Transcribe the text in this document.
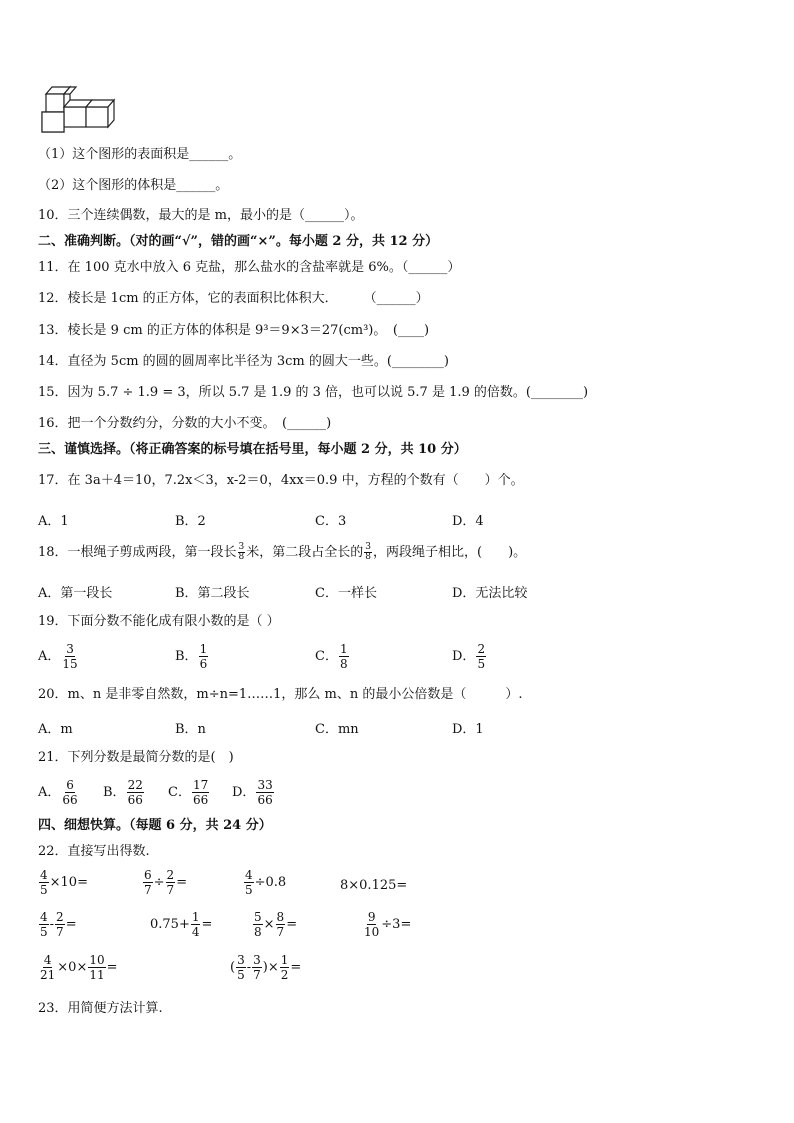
（1）这个图形的表面积是______。
（2）这个图形的体积是______。
10．三个连续偶数，最大的是 m，最小的是（______）。
二、准确判断。（对的画“√”，错的画“×”。每小题 2 分，共 12 分）
11．在 100 克水中放入 6 克盐，那么盐水的含盐率就是 6%。（______）
12．棱长是 1cm 的正方体，它的表面积比体积大．　　　（______）
13．棱长是 9 cm 的正方体的体积是 9³＝9×3＝27(cm³)。　(____)
14．直径为 5cm 的圆的圆周率比半径为 3cm 的圆大一些。(________)
15．因为 5.7 ÷ 1.9 = 3，所以 5.7 是 1.9 的 3 倍，也可以说 5.7 是 1.9 的倍数。(________)
16．把一个分数约分，分数的大小不变。　(______)
三、谨慎选择。（将正确答案的标号填在括号里，每小题 2 分，共 10 分）
17．在 3a＋4＝10，7.2x＜3，x-2＝0，4xx＝0.9 中，方程的个数有（　　）个。
A．1	B．2	C．3	D．4
18．一根绳子剪成两段，第一段长 $\frac{3}{8}$ 米，第二段占全长的 $\frac{3}{8}$ ，两段绳子相比，(　　)。
A．第一段长	B．第二段长	C．一样长	D．无法比较
19．下面分数不能化成有限小数的是（ ）
A． $\frac{3}{15}$	B． $\frac{1}{6}$	C． $\frac{1}{8}$	D． $\frac{2}{5}$
20．m、n 是非零自然数，m÷n=1……1，那么 m、n 的最小公倍数是（　　　）.
A．m	B．n	C．mn	D．1
21．下列分数是最简分数的是(　)
A． $\frac{6}{66}$ B． $\frac{22}{66}$ C． $\frac{17}{66}$ D． $\frac{33}{66}$
四、细想快算。（每题 6 分，共 24 分）
22．直接写出得数.
$\frac{4}{5} \times 10=$	$\frac{6}{7} \div \frac{2}{7}$ =	$\frac{4}{5} \div 0.8$	8×0.125=
$\frac{4}{5} - \frac{2}{7}$ =	$0.75+ \frac{1}{4}$ =	$\frac{5}{8} \times \frac{8}{7}$ =	$\frac{9}{10} \div 3=$
$\frac{4}{21} \times 0\times \frac{10}{11}$ =	( $\frac{3}{5} - \frac{3}{7}$ )× $\frac{1}{2}$ =
23．用简便方法计算.
